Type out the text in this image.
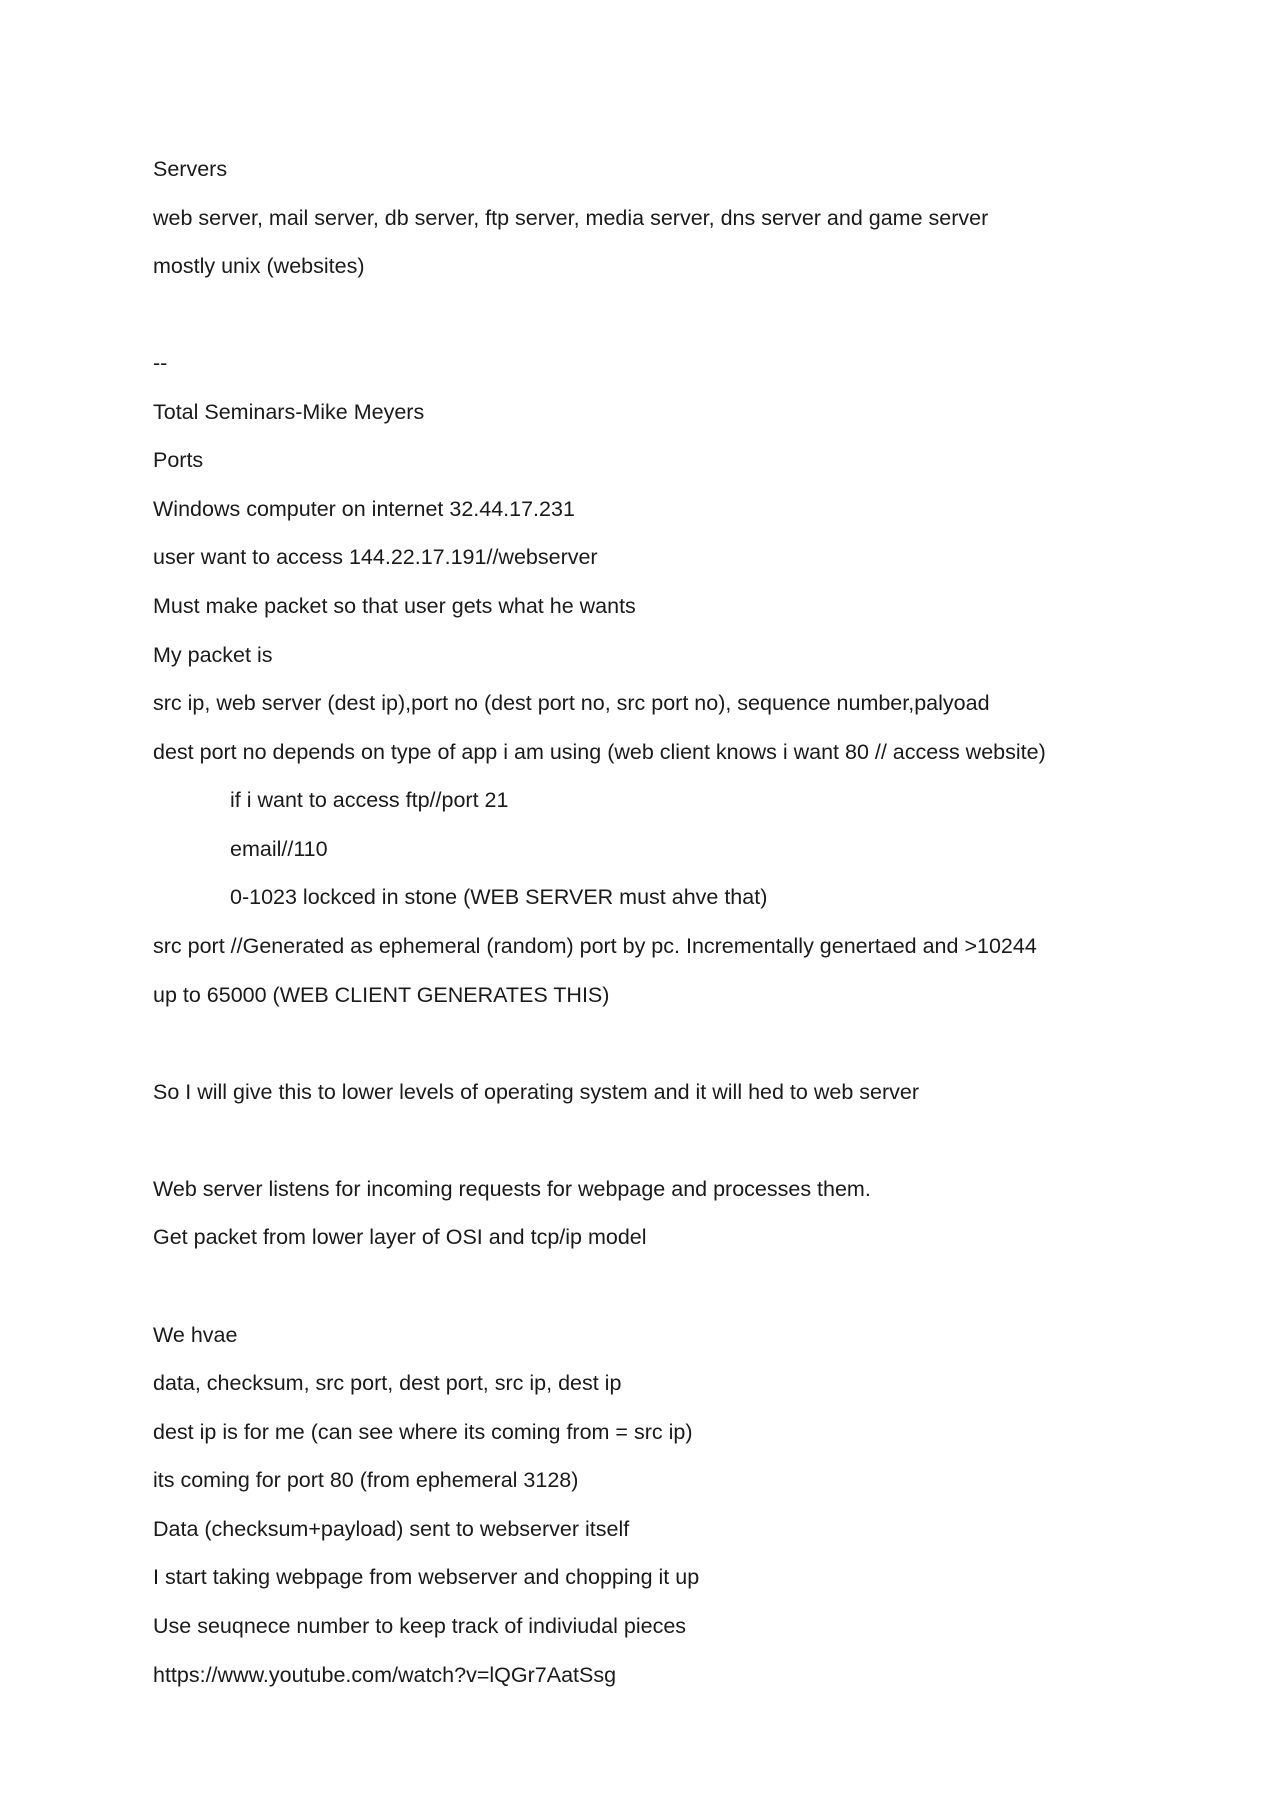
Servers

web server, mail server, db server, ftp server, media server, dns server and game server

mostly unix (websites)

--

Total Seminars-Mike Meyers

Ports

Windows computer on internet 32.44.17.231

user want to access 144.22.17.191//webserver

Must make packet so that user gets what he wants

My packet is

src ip, web server (dest ip),port no (dest port no, src port no), sequence number,palyoad

dest port no depends on type of app i am using (web client knows i want 80 // access website)

if i want to access ftp//port 21

email//110

0-1023 lockced in stone (WEB SERVER must ahve that)

src port //Generated as ephemeral (random) port by pc. Incrementally genertaed and >10244

up to 65000 (WEB CLIENT GENERATES THIS)

So I will give this to lower levels of operating system and it will hed to web server

Web server listens for incoming requests for webpage and processes them.

Get packet from lower layer of OSI and tcp/ip model

We hvae

data, checksum, src port, dest port, src ip, dest ip

dest ip is for me (can see where its coming from = src ip)

its coming for port 80 (from ephemeral 3128)

Data (checksum+payload) sent to webserver itself

I start taking webpage from webserver and chopping it up

Use seuqnece number to keep track of indiviudal pieces

https://www.youtube.com/watch?v=lQGr7AatSsg
